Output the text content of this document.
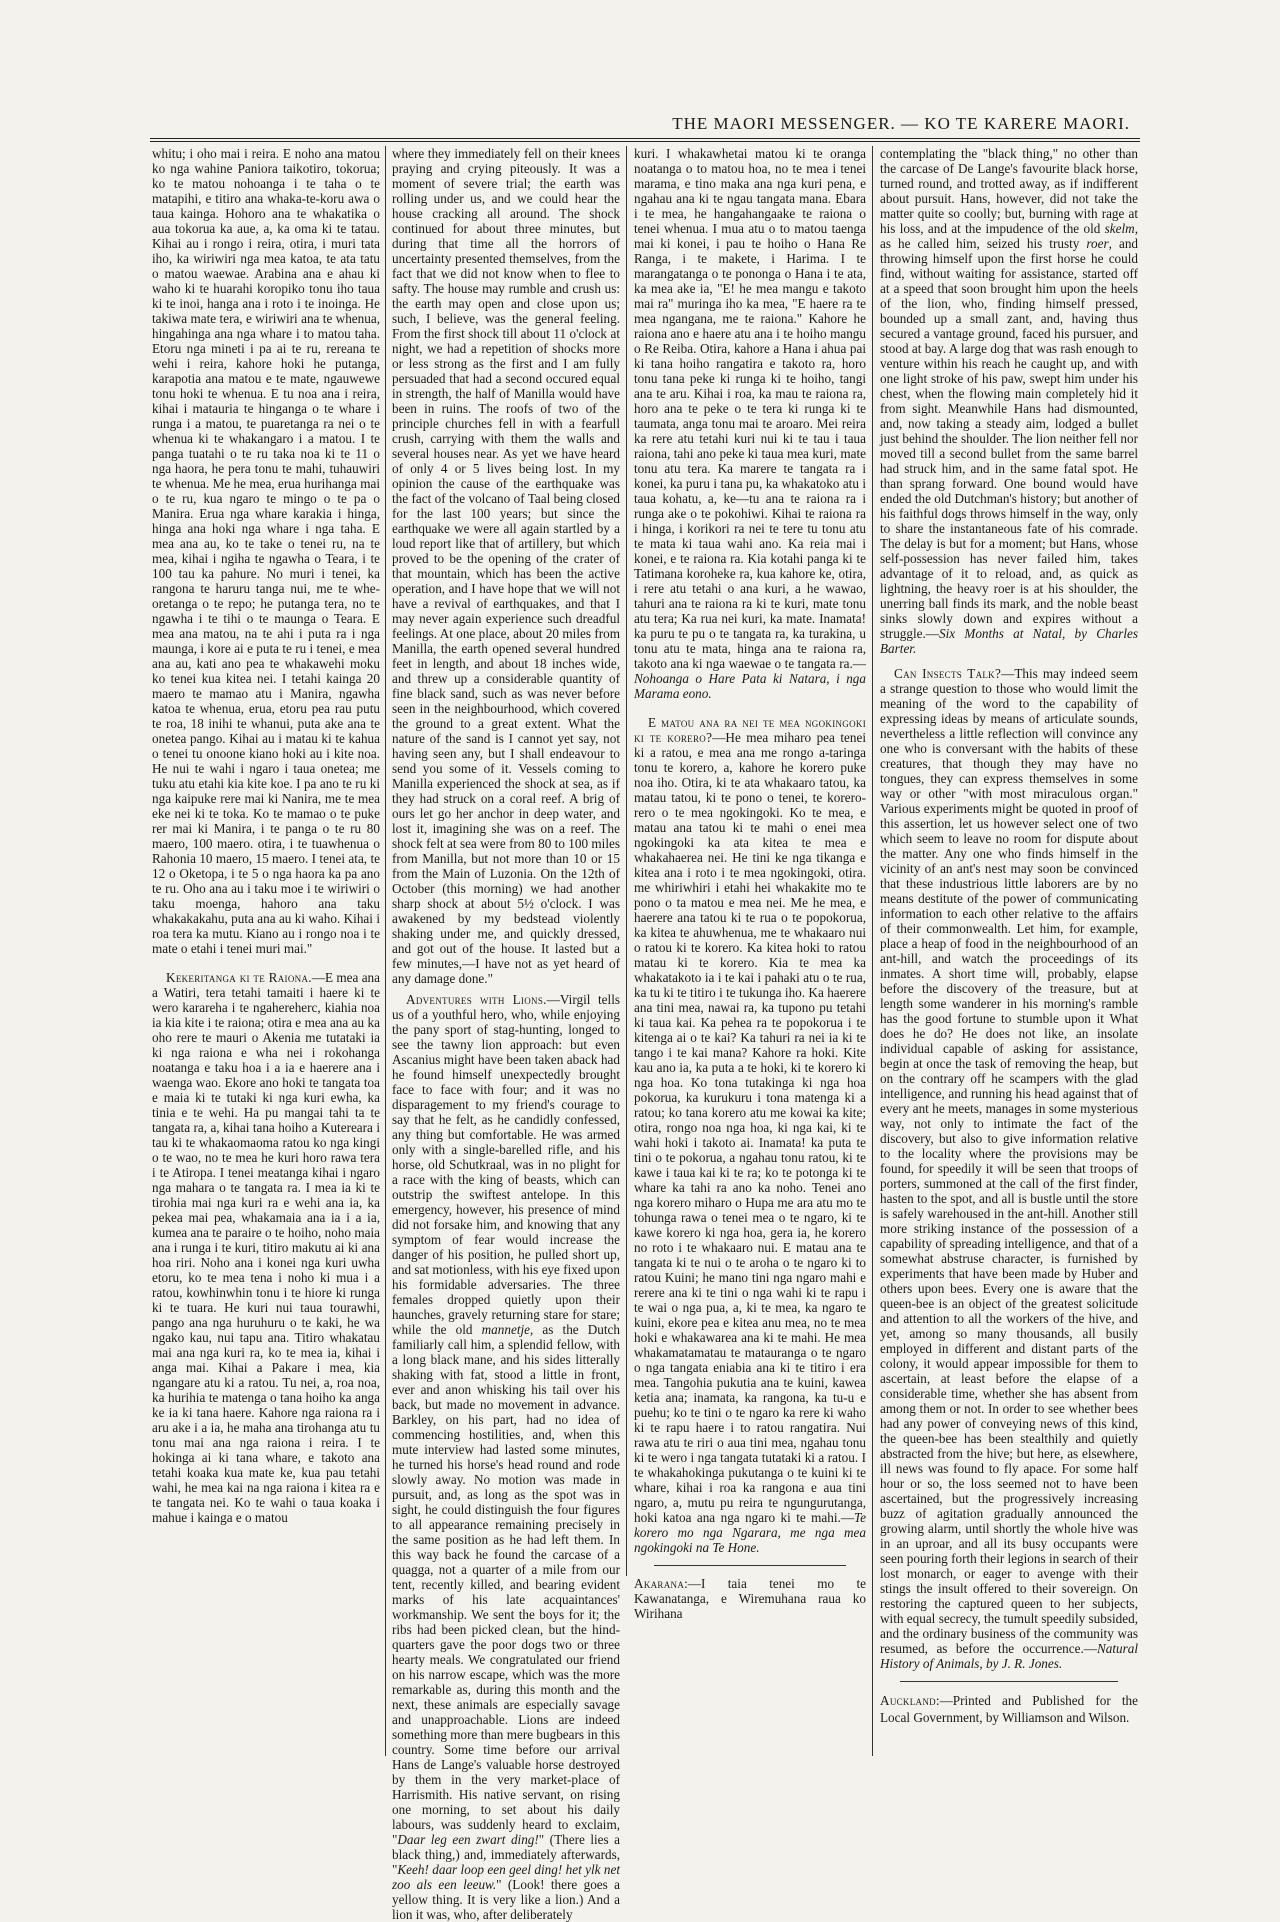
THE MAORI MESSENGER. — KO TE KARERE MAORI.

whitu; i oho mai i reira. E noho ana matou ko nga wahine Paniora taikotiro, tokorua; ko te matou nohoanga i te taha o te matapihi, e titiro ana whaka-te-koru awa o taua kainga. Hohoro ana te whakatika o aua tokorua ka aue, a, ka oma ki te tatau. Kihai au i rongo i reira, otira, i muri tata iho, ka wiriwiri nga mea katoa, te ata tatu o matou waewae. Arabina ana e ahau ki waho ki te huarahi koropiko tonu iho taua ki te inoi, hanga ana i roto i te inoinga. He takiwa mate tera, e wiriwiri ana te whenua, hingahinga ana nga whare i to matou taha. Etoru nga mineti i pa ai te ru, rereana te wehi i reira, kahore hoki he putanga, karapotia ana matou e te mate, ngauwewe tonu hoki te whenua. E tu noa ana i reira, kihai i matauria te hinganga o te whare i runga i a matou, te puaretanga ra nei o te whenua ki te whakangaro i a matou. I te panga tuatahi o te ru taka noa ki te 11 o nga haora, he pera tonu te mahi, tuhauwiri te whenua. Me he mea, erua hurihanga mai o te ru, kua ngaro te mingo o te pa o Manira. Erua nga whare karakia i hinga, hinga ana hoki nga whare i nga taha. E mea ana au, ko te take o tenei ru, na te mea, kihai i ngiha te ngawha o Teara, i te 100 tau ka pahure. No muri i tenei, ka rangona te haruru tanga nui, me te whe-oretanga o te repo; he putanga tera, no te ngawha i te tihi o te maunga o Teara. E mea ana matou, na te ahi i puta ra i nga maunga, i kore ai e puta te ru i tenei, e mea ana au, kati ano pea te whakawehi moku ko tenei kua kitea nei. I tetahi kainga 20 maero te mamao atu i Manira, ngawha katoa te whenua, erua, etoru pea rau putu te roa, 18 inihi te whanui, puta ake ana te onetea pango. Kihai au i matau ki te kahua o tenei tu onoone kiano hoki au i kite noa. He nui te wahi i ngaro i taua onetea; me tuku atu etahi kia kite koe. I pa ano te ru ki nga kaipuke rere mai ki Nanira, me te mea eke nei ki te toka. Ko te mamao o te puke rer mai ki Manira, i te panga o te ru 80 maero, 100 maero. otira, i te tuawhenua o Rahonia 10 maero, 15 maero. I tenei ata, te 12 o Oketopa, i te 5 o nga haora ka pa ano te ru. Oho ana au i taku moe i te wiriwiri o taku moenga, hahoro ana taku whakakakahu, puta ana au ki waho. Kihai i roa tera ka mutu. Kiano au i rongo noa i te mate o etahi i tenei muri mai."

Kekeritanga ki te Raiona.—E mea ana a Watiri, tera tetahi tamaiti i haere ki te wero karareha i te ngahereherc, kiahia noa ia kia kite i te raiona; otira e mea ana au ka oho rere te mauri o Akenia me tutataki ia ki nga raiona e wha nei i rokohanga noatanga e taku hoa i a ia e haerere ana i waenga wao. Ekore ano hoki te tangata toa e maia ki te tutaki ki nga kuri ewha, ka tinia e te wehi. Ha pu mangai tahi ta te tangata ra, a, kihai tana hoiho a Kutereara i tau ki te whakaomaoma ratou ko nga kingi o te wao, no te mea he kuri horo rawa tera i te Atiropa. I tenei meatanga kihai i ngaro nga mahara o te tangata ra. I mea ia ki te tirohia mai nga kuri ra e wehi ana ia, ka pekea mai pea, whakamaia ana ia i a ia, kumea ana te paraire o te hoiho, noho maia ana i runga i te kuri, titiro makutu ai ki ana hoa riri. Noho ana i konei nga kuri uwha etoru, ko te mea tena i noho ki mua i a ratou, kowhinwhin tonu i te hiore ki runga ki te tuara. He kuri nui taua tourawhi, pango ana nga huruhuru o te kaki, he wa ngako kau, nui tapu ana. Titiro whakatau mai ana nga kuri ra, ko te mea ia, kihai i anga mai. Kihai a Pakare i mea, kia ngangare atu ki a ratou. Tu nei, a, roa noa, ka hurihia te matenga o tana hoiho ka anga ke ia ki tana haere. Kahore nga raiona ra i aru ake i a ia, he maha ana tirohanga atu tu tonu mai ana nga raiona i reira. I te hokinga ai ki tana whare, e takoto ana tetahi koaka kua mate ke, kua pau tetahi wahi, he mea kai na nga raiona i kitea ra e te tangata nei. Ko te wahi o taua koaka i mahue i kainga e o matou

where they immediately fell on their knees praying and crying piteously. It was a moment of severe trial; the earth was rolling under us, and we could hear the house cracking all around. The shock continued for about three minutes, but during that time all the horrors of uncertainty presented themselves, from the fact that we did not know when to flee to safty. The house may rumble and crush us: the earth may open and close upon us; such, I believe, was the general feeling. From the first shock till about 11 o'clock at night, we had a repetition of shocks more or less strong as the first and I am fully persuaded that had a second occured equal in strength, the half of Manilla would have been in ruins. The roofs of two of the principle churches fell in with a fearfull crush, carrying with them the walls and several houses near. As yet we have heard of only 4 or 5 lives being lost. In my opinion the cause of the earthquake was the fact of the volcano of Taal being closed for the last 100 years; but since the earthquake we were all again startled by a loud report like that of artillery, but which proved to be the opening of the crater of that mountain, which has been the active operation, and I have hope that we will not have a revival of earthquakes, and that I may never again experience such dreadful feelings. At one place, about 20 miles from Manilla, the earth opened several hundred feet in length, and about 18 inches wide, and threw up a considerable quantity of fine black sand, such as was never before seen in the neighbourhood, which covered the ground to a great extent. What the nature of the sand is I cannot yet say, not having seen any, but I shall endeavour to send you some of it. Vessels coming to Manilla experienced the shock at sea, as if they had struck on a coral reef. A brig of ours let go her anchor in deep water, and lost it, imagining she was on a reef. The shock felt at sea were from 80 to 100 miles from Manilla, but not more than 10 or 15 from the Main of Luzonia. On the 12th of October (this morning) we had another sharp shock at about 5½ o'clock. I was awakened by my bedstead violently shaking under me, and quickly dressed, and got out of the house. It lasted but a few minutes,—I have not as yet heard of any damage done."

Adventures with Lions.—Virgil tells us of a youthful hero, who, while enjoying the pany sport of stag-hunting, longed to see the tawny lion approach: but even Ascanius might have been taken aback had he found himself unexpectedly brought face to face with four; and it was no disparagement to my friend's courage to say that he felt, as he candidly confessed, any thing but comfortable. He was armed only with a single-barelled rifle, and his horse, old Schutkraal, was in no plight for a race with the king of beasts, which can outstrip the swiftest antelope. In this emergency, however, his presence of mind did not forsake him, and knowing that any symptom of fear would increase the danger of his position, he pulled short up, and sat motionless, with his eye fixed upon his formidable adversaries. The three females dropped quietly upon their haunches, gravely returning stare for stare; while the old mannetje, as the Dutch familiarly call him, a splendid fellow, with a long black mane, and his sides litterally shaking with fat, stood a little in front, ever and anon whisking his tail over his back, but made no movement in advance. Barkley, on his part, had no idea of commencing hostilities, and, when this mute interview had lasted some minutes, he turned his horse's head round and rode slowly away. No motion was made in pursuit, and, as long as the spot was in sight, he could distinguish the four figures to all appearance remaining precisely in the same position as he had left them. In this way back he found the carcase of a quagga, not a quarter of a mile from our tent, recently killed, and bearing evident marks of his late acquaintances' workmanship. We sent the boys for it; the ribs had been picked clean, but the hind-quarters gave the poor dogs two or three hearty meals. We congratulated our friend on his narrow escape, which was the more remarkable as, during this month and the next, these animals are especially savage and unapproachable. Lions are indeed something more than mere bugbears in this country. Some time before our arrival Hans de Lange's valuable horse destroyed by them in the very market-place of Harrismith. His native servant, on rising one morning, to set about his daily labours, was suddenly heard to exclaim, "Daar leg een zwart ding!" (There lies a black thing,) and, immediately afterwards, "Keeh! daar loop een geel ding! het ylk net zoo als een leeuw." (Look! there goes a yellow thing. It is very like a lion.) And a lion it was, who, after deliberately

kuri. I whakawhetai matou ki te oranga noatanga o to matou hoa, no te mea i tenei marama, e tino maka ana nga kuri pena, e ngahau ana ki te ngau tangata mana. Ebara i te mea, he hangahangaake te raiona o tenei whenua. I mua atu o to matou taenga mai ki konei, i pau te hoiho o Hana Re Ranga, i te makete, i Harima. I te marangatanga o te pononga o Hana i te ata, ka mea ake ia, "E! he mea mangu e takoto mai ra" muringa iho ka mea, "E haere ra te mea ngangana, me te raiona." Kahore he raiona ano e haere atu ana i te hoiho mangu o Re Reiba. Otira, kahore a Hana i ahua pai ki tana hoiho rangatira e takoto ra, horo tonu tana peke ki runga ki te hoiho, tangi ana te aru. Kihai i roa, ka mau te raiona ra, horo ana te peke o te tera ki runga ki te taumata, anga tonu mai te aroaro. Mei reira ka rere atu tetahi kuri nui ki te tau i taua raiona, tahi ano peke ki taua mea kuri, mate tonu atu tera. Ka marere te tangata ra i konei, ka puru i tana pu, ka whakatoko atu i taua kohatu, a, ke—tu ana te raiona ra i runga ake o te pokohiwi. Kihai te raiona ra i hinga, i korikori ra nei te tere tu tonu atu te mata ki taua wahi ano. Ka reia mai i konei, e te raiona ra. Kia kotahi panga ki te Tatimana koroheke ra, kua kahore ke, otira, i rere atu tetahi o ana kuri, a he wawao, tahuri ana te raiona ra ki te kuri, mate tonu atu tera; Ka rua nei kuri, ka mate. Inamata! ka puru te pu o te tangata ra, ka turakina, u tonu atu te mata, hinga ana te raiona ra, takoto ana ki nga waewae o te tangata ra.—Nohoanga o Hare Pata ki Natara, i nga Marama eono.

E matou ana ra nei te mea ngokingoki ki te korero?—He mea miharo pea tenei ki a ratou, e mea ana me rongo a-taringa tonu te korero, a, kahore he korero puke noa iho. Otira, ki te ata whakaaro tatou, ka matau tatou, ki te pono o tenei, te korero-rero o te mea ngokingoki. Ko te mea, e matau ana tatou ki te mahi o enei mea ngokingoki ka ata kitea te mea e whakahaerea nei. He tini ke nga tikanga e kitea ana i roto i te mea ngokingoki, otira. me whiriwhiri i etahi hei whakakite mo te pono o ta matou e mea nei. Me he mea, e haerere ana tatou ki te rua o te popokorua, ka kitea te ahuwhenua, me te whakaaro nui o ratou ki te korero. Ka kitea hoki to ratou matau ki te korero. Kia te mea ka whakatakoto ia i te kai i pahaki atu o te rua, ka tu ki te titiro i te tukunga iho. Ka haerere ana tini mea, nawai ra, ka tupono pu tetahi ki taua kai. Ka pehea ra te popokorua i te kitenga ai o te kai? Ka tahuri ra nei ia ki te tango i te kai mana? Kahore ra hoki. Kite kau ano ia, ka puta a te hoki, ki te korero ki nga hoa. Ko tona tutakinga ki nga hoa pokorua, ka kurukuru i tona matenga ki a ratou; ko tana korero atu me kowai ka kite; otira, rongo noa nga hoa, ki nga kai, ki te wahi hoki i takoto ai. Inamata! ka puta te tini o te pokorua, a ngahau tonu ratou, ki te kawe i taua kai ki te ra; ko te potonga ki te whare ka tahi ra ano ka noho. Tenei ano nga korero miharo o Hupa me ara atu mo te tohunga rawa o tenei mea o te ngaro, ki te kawe korero ki nga hoa, gera ia, he korero no roto i te whakaaro nui. E matau ana te tangata ki te nui o te aroha o te ngaro ki to ratou Kuini; he mano tini nga ngaro mahi e rerere ana ki te tini o nga wahi ki te rapu i te wai o nga pua, a, ki te mea, ka ngaro te kuini, ekore pea e kitea anu mea, no te mea hoki e whakawarea ana ki te mahi. He mea whakamatamatau te matauranga o te ngaro o nga tangata eniabia ana ki te titiro i era mea. Tangohia pukutia ana te kuini, kawea ketia ana; inamata, ka rangona, ka tu-u e puehu; ko te tini o te ngaro ka rere ki waho ki te rapu haere i to ratou rangatira. Nui rawa atu te riri o aua tini mea, ngahau tonu ki te wero i nga tangata tutataki ki a ratou. I te whakahokinga pukutanga o te kuini ki te whare, kihai i roa ka rangona e aua tini ngaro, a, mutu pu reira te ngungurutanga, hoki katoa ana nga ngaro ki te mahi.—Te korero mo nga Ngarara, me nga mea ngokingoki na Te Hone.

Akarana:—I taia tenei mo te Kawanatanga, e Wiremuhana raua ko Wirihana

contemplating the "black thing," no other than the carcase of De Lange's favourite black horse, turned round, and trotted away, as if indifferent about pursuit. Hans, however, did not take the matter quite so coolly; but, burning with rage at his loss, and at the impudence of the old skelm, as he called him, seized his trusty roer, and throwing himself upon the first horse he could find, without waiting for assistance, started off at a speed that soon brought him upon the heels of the lion, who, finding himself pressed, bounded up a small zant, and, having thus secured a vantage ground, faced his pursuer, and stood at bay. A large dog that was rash enough to venture within his reach he caught up, and with one light stroke of his paw, swept him under his chest, when the flowing main completely hid it from sight. Meanwhile Hans had dismounted, and, now taking a steady aim, lodged a bullet just behind the shoulder. The lion neither fell nor moved till a second bullet from the same barrel had struck him, and in the same fatal spot. He than sprang forward. One bound would have ended the old Dutchman's history; but another of his faithful dogs throws himself in the way, only to share the instantaneous fate of his comrade. The delay is but for a moment; but Hans, whose self-possession has never failed him, takes advantage of it to reload, and, as quick as lightning, the heavy roer is at his shoulder, the unerring ball finds its mark, and the noble beast sinks slowly down and expires without a struggle.—Six Months at Natal, by Charles Barter.

Can Insects Talk?—This may indeed seem a strange question to those who would limit the meaning of the word to the capability of expressing ideas by means of articulate sounds, nevertheless a little reflection will convince any one who is conversant with the habits of these creatures, that though they may have no tongues, they can express themselves in some way or other "with most miraculous organ." Various experiments might be quoted in proof of this assertion, let us however select one of two which seem to leave no room for dispute about the matter. Any one who finds himself in the vicinity of an ant's nest may soon be convinced that these industrious little laborers are by no means destitute of the power of communicating information to each other relative to the affairs of their commonwealth. Let him, for example, place a heap of food in the neighbourhood of an ant-hill, and watch the proceedings of its inmates. A short time will, probably, elapse before the discovery of the treasure, but at length some wanderer in his morning's ramble has the good fortune to stumble upon it What does he do? He does not like, an insolate individual capable of asking for assistance, begin at once the task of removing the heap, but on the contrary off he scampers with the glad intelligence, and running his head against that of every ant he meets, manages in some mysterious way, not only to intimate the fact of the discovery, but also to give information relative to the locality where the provisions may be found, for speedily it will be seen that troops of porters, summoned at the call of the first finder, hasten to the spot, and all is bustle until the store is safely warehoused in the ant-hill. Another still more striking instance of the possession of a capability of spreading intelligence, and that of a somewhat abstruse character, is furnished by experiments that have been made by Huber and others upon bees. Every one is aware that the queen-bee is an object of the greatest solicitude and attention to all the workers of the hive, and yet, among so many thousands, all busily employed in different and distant parts of the colony, it would appear impossible for them to ascertain, at least before the elapse of a considerable time, whether she has absent from among them or not. In order to see whether bees had any power of conveying news of this kind, the queen-bee has been stealthily and quietly abstracted from the hive; but here, as elsewhere, ill news was found to fly apace. For some half hour or so, the loss seemed not to have been ascertained, but the progressively increasing buzz of agitation gradually announced the growing alarm, until shortly the whole hive was in an uproar, and all its busy occupants were seen pouring forth their legions in search of their lost monarch, or eager to avenge with their stings the insult offered to their sovereign. On restoring the captured queen to her subjects, with equal secrecy, the tumult speedily subsided, and the ordinary business of the community was resumed, as before the occurrence.—Natural History of Animals, by J. R. Jones.

Auckland:—Printed and Published for the Local Government, by Williamson and Wilson.
